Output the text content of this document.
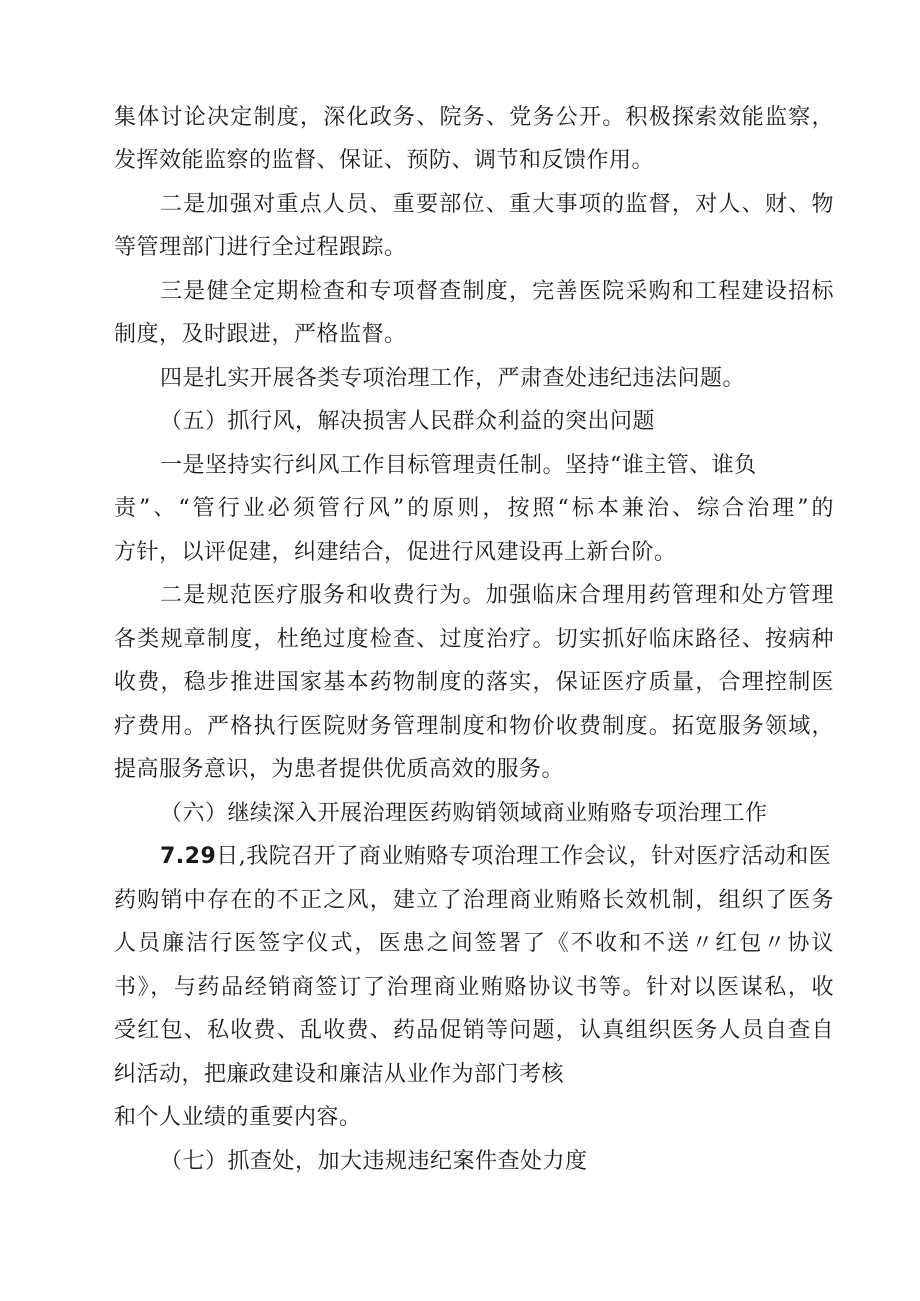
集体讨论决定制度，深化政务、院务、党务公开。积极探索效能监察，
发挥效能监察的监督、保证、预防、调节和反馈作用。
二是加强对重点人员、重要部位、重大事项的监督，对人、财、物
等管理部门进行全过程跟踪。
三是健全定期检查和专项督查制度，完善医院采购和工程建设招标
制度，及时跟进，严格监督。
四是扎实开展各类专项治理工作，严肃查处违纪违法问题。
（五）抓行风，解决损害人民群众利益的突出问题
一是坚持实行纠风工作目标管理责任制。坚持“谁主管、谁负
责”、“管行业必须管行风”的原则，按照“标本兼治、综合治理”的
方针，以评促建，纠建结合，促进行风建设再上新台阶。
二是规范医疗服务和收费行为。加强临床合理用药管理和处方管理
各类规章制度，杜绝过度检查、过度治疗。切实抓好临床路径、按病种
收费，稳步推进国家基本药物制度的落实，保证医疗质量，合理控制医
疗费用。严格执行医院财务管理制度和物价收费制度。拓宽服务领域，
提高服务意识，为患者提供优质高效的服务。
（六）继续深入开展治理医药购销领域商业贿赂专项治理工作
7.29日,我院召开了商业贿赂专项治理工作会议，针对医疗活动和医
药购销中存在的不正之风，建立了治理商业贿赂长效机制，组织了医务
人员廉洁行医签字仪式，医患之间签署了《不收和不送〃红包〃协议
书》，与药品经销商签订了治理商业贿赂协议书等。针对以医谋私，收
受红包、私收费、乱收费、药品促销等问题，认真组织医务人员自查自
纠活动，把廉政建设和廉洁从业作为部门考核
和个人业绩的重要内容。
（七）抓查处，加大违规违纪案件查处力度
